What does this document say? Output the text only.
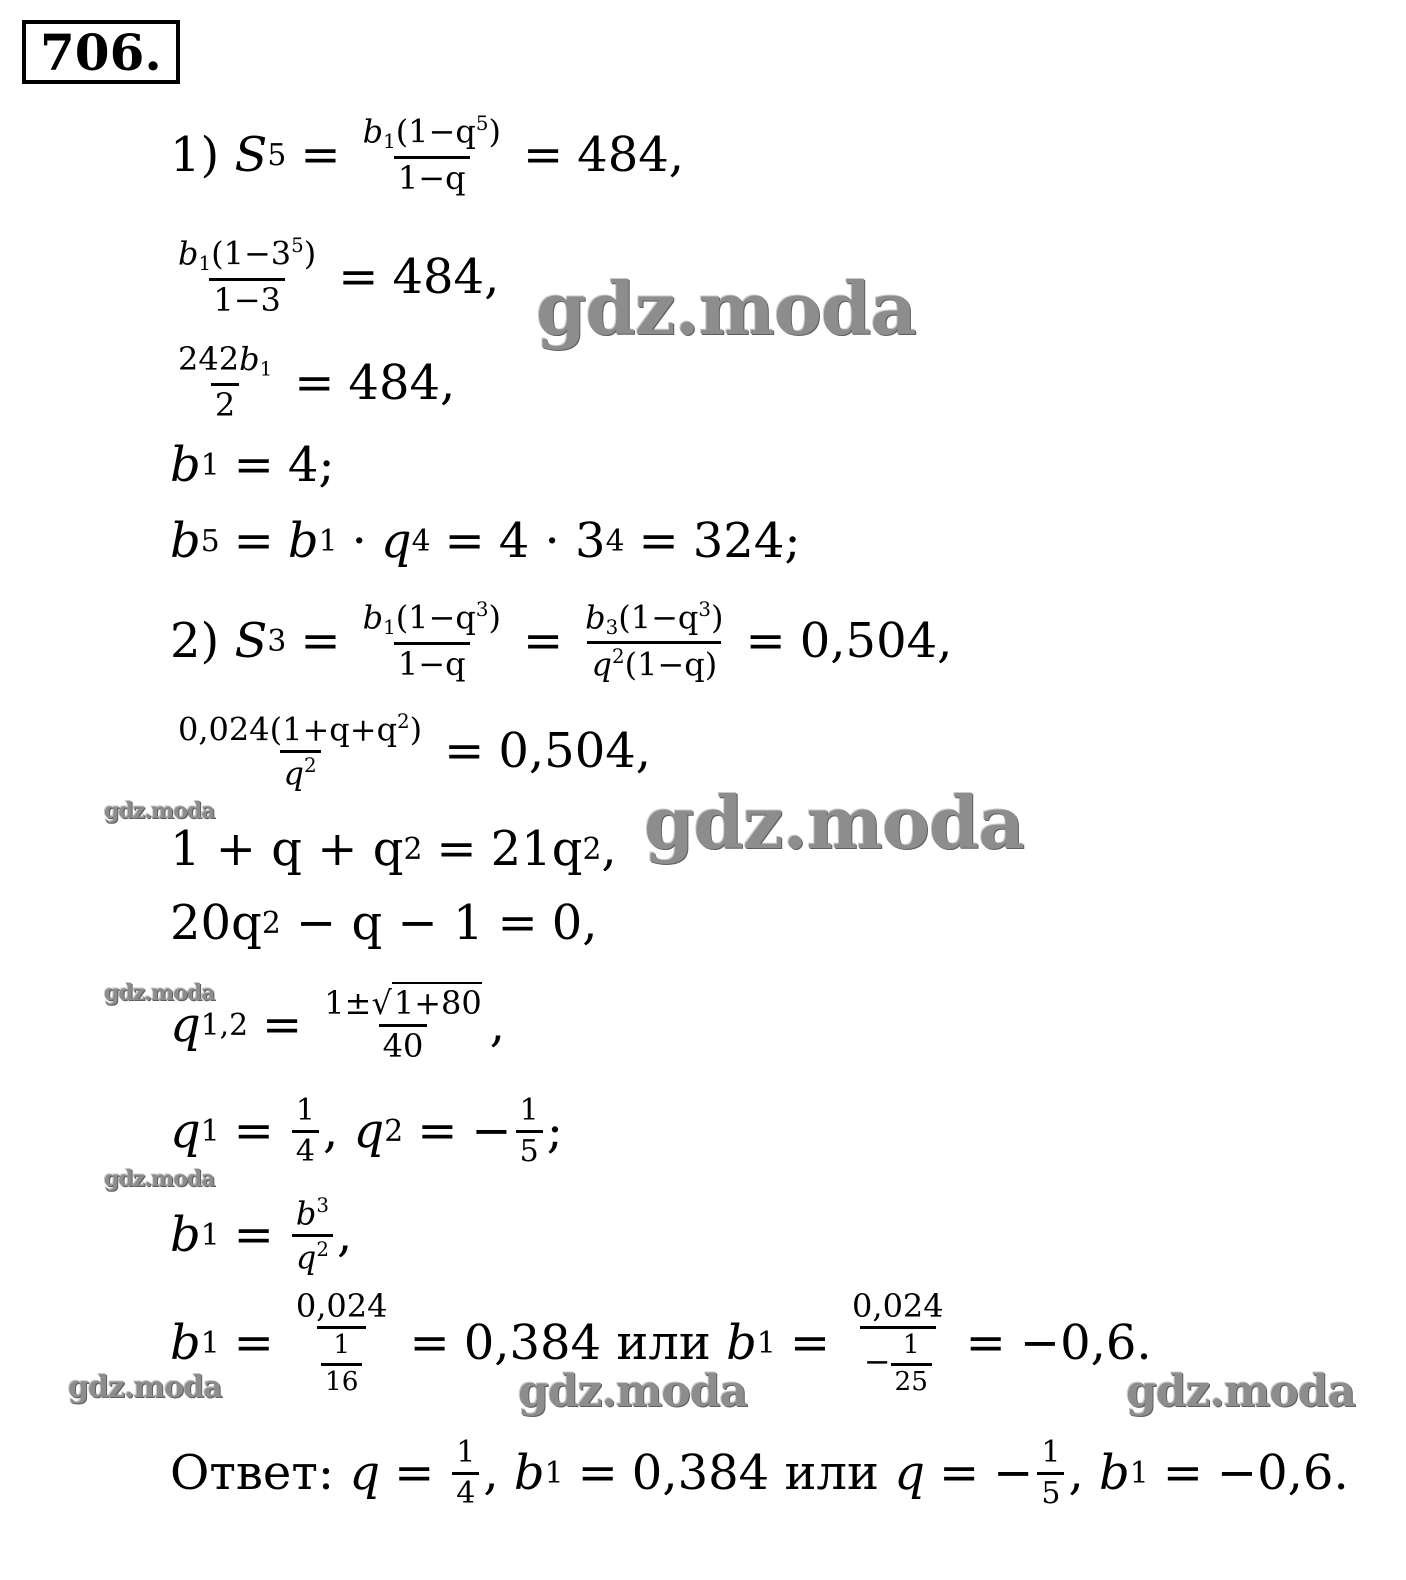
706.
1)
S $5 = \frac{b_1(1-q^5)}{1-q} = 484$,
$\frac{b_1(1-3^5)}{1-3} = 484$,
$\frac{242b_1}{2} = 484$,
b 1 = 4;
b 5 = b 1 · q 4 = 4 · 3 4 = 324;
2)
S $3 = \frac{b_1(1-q^3)}{1-q} = \frac{b_3(1-q^3)}{q^2(1-q)} = 0,504$,
$\frac{0,024(1+q+q^2)}{q^2} = 0,504$,
1 + q + q 2 = 21q 2 ,
20q 2
− q − 1 = 0,
q $1,2 = \frac{1\pm√1+80}{40}$ ,
q $1 = \frac{1}{4}$ ,
q 2 = − $\frac{1}{5}$ ;
b $1 = \frac{b^3}{q^2}$ ,
b $1 = \frac{0,024}{\frac{1}{16}} = 0,384$ или
b $1 = \frac{0,024}{- \frac{1}{25}} = -0,6$.
Ответ:
$q = \frac{1}{4}$ ,
b 1 = 0,384 или
q = − $\frac{1}{5}$ ,
b 1 = −0,6.
gdz.moda
gdz.moda
gdz.moda	gdz.moda
gdz.moda
gdz.moda
gdz.moda
gdz.moda
